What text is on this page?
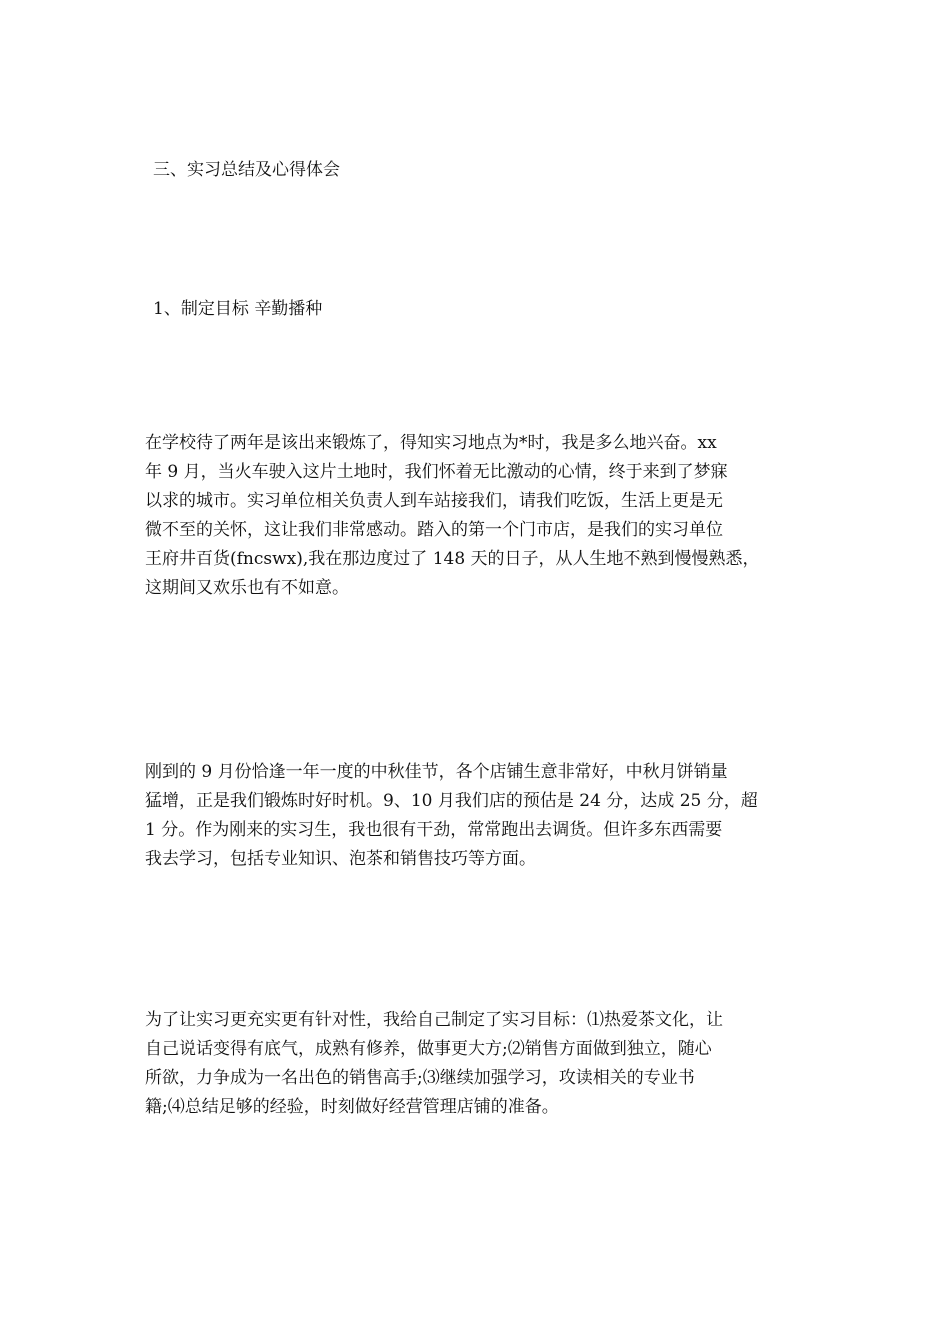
三、实习总结及心得体会
1、制定目标 辛勤播种
在学校待了两年是该出来锻炼了，得知实习地点为*时，我是多么地兴奋。xx
年 9 月，当火车驶入这片土地时，我们怀着无比激动的心情，终于来到了梦寐
以求的城市。实习单位相关负责人到车站接我们，请我们吃饭，生活上更是无
微不至的关怀，这让我们非常感动。踏入的第一个门市店，是我们的实习单位
王府井百货(fncswx),我在那边度过了 148 天的日子，从人生地不熟到慢慢熟悉，
这期间又欢乐也有不如意。
刚到的 9 月份恰逢一年一度的中秋佳节，各个店铺生意非常好，中秋月饼销量
猛增，正是我们锻炼时好时机。9、10 月我们店的预估是 24 分，达成 25 分，超
1 分。作为刚来的实习生，我也很有干劲，常常跑出去调货。但许多东西需要
我去学习，包括专业知识、泡茶和销售技巧等方面。
为了让实习更充实更有针对性，我给自己制定了实习目标：⑴热爱茶文化，让
自己说话变得有底气，成熟有修养，做事更大方;⑵销售方面做到独立，随心
所欲，力争成为一名出色的销售高手;⑶继续加强学习，攻读相关的专业书
籍;⑷总结足够的经验，时刻做好经营管理店铺的准备。
